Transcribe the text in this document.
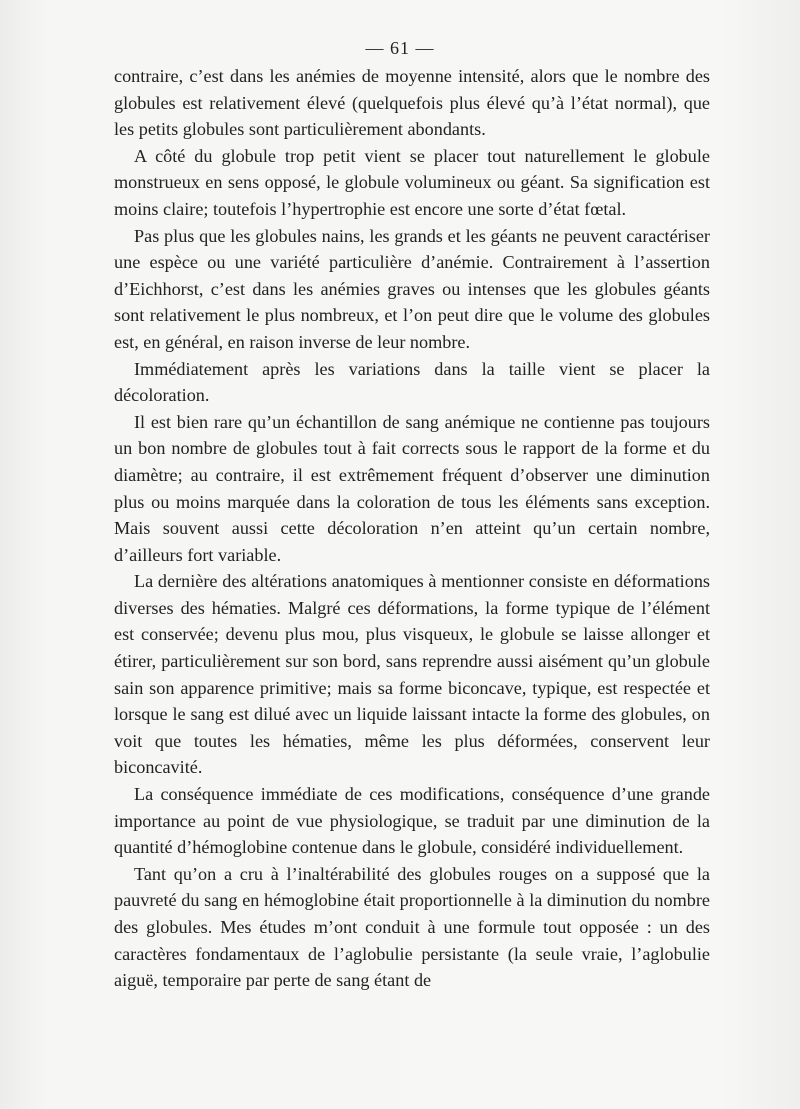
— 61 —

contraire, c’est dans les anémies de moyenne intensité, alors que le nombre des globules est relativement élevé (quelquefois plus élevé qu’à l’état normal), que les petits globules sont particulièrement abondants.

A côté du globule trop petit vient se placer tout naturellement le globule monstrueux en sens opposé, le globule volumineux ou géant. Sa signification est moins claire; toutefois l’hypertrophie est encore une sorte d’état fœtal.

Pas plus que les globules nains, les grands et les géants ne peuvent caractériser une espèce ou une variété particulière d’anémie. Contrairement à l’assertion d’Eichhorst, c’est dans les anémies graves ou intenses que les globules géants sont relativement le plus nombreux, et l’on peut dire que le volume des globules est, en général, en raison inverse de leur nombre.

Immédiatement après les variations dans la taille vient se placer la décoloration.

Il est bien rare qu’un échantillon de sang anémique ne contienne pas toujours un bon nombre de globules tout à fait corrects sous le rapport de la forme et du diamètre; au contraire, il est extrêmement fréquent d’observer une diminution plus ou moins marquée dans la coloration de tous les éléments sans exception. Mais souvent aussi cette décoloration n’en atteint qu’un certain nombre, d’ailleurs fort variable.

La dernière des altérations anatomiques à mentionner consiste en déformations diverses des hématies. Malgré ces déformations, la forme typique de l’élément est conservée; devenu plus mou, plus visqueux, le globule se laisse allonger et étirer, particulièrement sur son bord, sans reprendre aussi aisément qu’un globule sain son apparence primitive; mais sa forme biconcave, typique, est respectée et lorsque le sang est dilué avec un liquide laissant intacte la forme des globules, on voit que toutes les hématies, même les plus déformées, conservent leur biconcavité.

La conséquence immédiate de ces modifications, conséquence d’une grande importance au point de vue physiologique, se traduit par une diminution de la quantité d’hémoglobine contenue dans le globule, considéré individuellement.

Tant qu’on a cru à l’inaltérabilité des globules rouges on a supposé que la pauvreté du sang en hémoglobine était proportionnelle à la diminution du nombre des globules. Mes études m’ont conduit à une formule tout opposée : un des caractères fondamentaux de l’aglobulie persistante (la seule vraie, l’aglobulie aiguë, temporaire par perte de sang étant de
